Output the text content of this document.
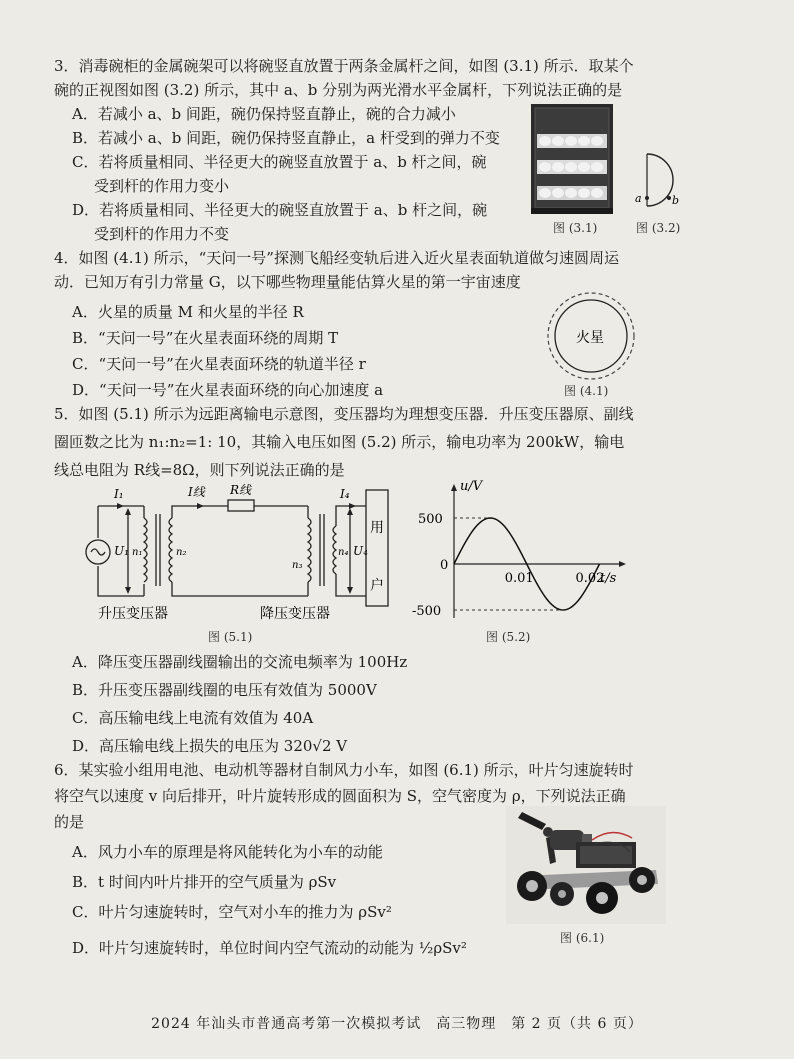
3．消毒碗柜的金属碗架可以将碗竖直放置于两条金属杆之间，如图 (3.1) 所示．取某个

碗的正视图如图 (3.2) 所示，其中 a、b 分别为两光滑水平金属杆，下列说法正确的是

A．若减小 a、b 间距，碗仍保持竖直静止，碗的合力减小

B．若减小 a、b 间距，碗仍保持竖直静止，a 杆受到的弹力不变

C．若将质量相同、半径更大的碗竖直放置于 a、b 杆之间，碗

受到杆的作用力变小

D．若将质量相同、半径更大的碗竖直放置于 a、b 杆之间，碗

受到杆的作用力不变	图 (3.1)
a	b
图 (3.2)

4．如图 (4.1) 所示，“天问一号”探测飞船经变轨后进入近火星表面轨道做匀速圆周运

动．已知万有引力常量 G，以下哪些物理量能估算火星的第一宇宙速度

A．火星的质量 M 和火星的半径 R

B．“天问一号”在火星表面环绕的周期 T

C．“天问一号”在火星表面环绕的轨道半径 r

D．“天问一号”在火星表面环绕的向心加速度 a

火星
图 (4.1)

5．如图 (5.1) 所示为远距离输电示意图，变压器均为理想变压器．升压变压器原、副线

圈匝数之比为 n₁:n₂=1: 10，其输入电压如图 (5.2) 所示，输电功率为 200kW，输电

线总电阻为 R线=8Ω，则下列说法正确的是

I₁	I线 R线	I₄
U₁ n₁	n₂
n₃
n₄ U₄
用
户
升压变压器	降压变压器
图 (5.1)
500
0
-500
0.01	0.02
u/V
t/s
图 (5.2)

A．降压变压器副线圈输出的交流电频率为 100Hz

B．升压变压器副线圈的电压有效值为 5000V

C．高压输电线上电流有效值为 40A

D．高压输电线上损失的电压为 320√2 V

6．某实验小组用电池、电动机等器材自制风力小车，如图 (6.1) 所示，叶片匀速旋转时

将空气以速度 v 向后排开，叶片旋转形成的圆面积为 S，空气密度为 ρ，下列说法正确

的是

A．风力小车的原理是将风能转化为小车的动能

B．t 时间内叶片排开的空气质量为 ρSv

C．叶片匀速旋转时，空气对小车的推力为 ρSv²

D．叶片匀速旋转时，单位时间内空气流动的动能为 ½ρSv²

图 (6.1)
2024 年汕头市普通高考第一次模拟考试　高三物理　第 2 页（共 6 页）
